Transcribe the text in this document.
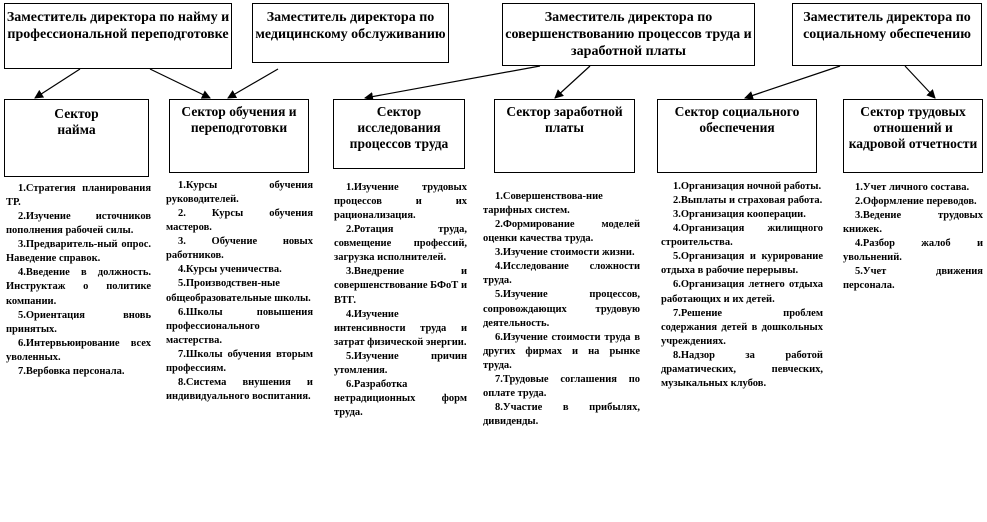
Заместитель директора по найму и профессиональной переподготовке
Заместитель директора по медицинскому обслуживанию
Заместитель директора по совершенствованию процессов труда и заработной платы
Заместитель директора по социальному обеспечению
Сектор найма
Сектор обучения и переподготовки
Сектор исследования процессов труда
Сектор заработной платы
Сектор социального обеспечения
Сектор трудовых отношений и кадровой отчетности
1.Стратегия планирования ТР.
2.Изучение источников пополнения рабочей силы.
3.Предваритель-ный опрос. Наведение справок.
4.Введение в должность. Инструктаж о политике компании.
5.Ориентация вновь принятых.
6.Интервьюирование всех уволенных.
7.Вербовка персонала.
1.Курсы обучения руководителей.
2. Курсы обучения мастеров.
3. Обучение новых работников.
4.Курсы ученичества.
5.Производствен-ные общеобразовательные школы.
6.Школы повышения профессионального мастерства.
7.Школы обучения вторым профессиям.
8.Система внушения и индивидуального воспитания.
1.Изучение трудовых процессов и их рационализация.
2.Ротация труда, совмещение профессий, загрузка исполнителей.
3.Внедрение и совершенствование БФоТ и ВТГ.
4.Изучение интенсивности труда и затрат физической энергии.
5.Изучение причин утомления.
6.Разработка нетрадиционных форм труда.
1.Совершенствова-ние тарифных систем.
2.Формирование моделей оценки качества труда.
3.Изучение стоимости жизни.
4.Исследование сложности труда.
5.Изучение процессов, сопровождающих трудовую деятельность.
6.Изучение стоимости труда в других фирмах и на рынке труда.
7.Трудовые соглашения по оплате труда.
8.Участие в прибылях, дивиденды.
1.Организация ночной работы.
2.Выплаты и страховая работа.
3.Организация кооперации.
4.Организация жилищного строительства.
5.Организация и курирование отдыха в рабочие перерывы.
6.Организация летнего отдыха работающих и их детей.
7.Решение проблем содержания детей в дошкольных учреждениях.
8.Надзор за работой драматических, певческих, музыкальных клубов.
1.Учет личного состава.
2.Оформление переводов.
3.Ведение трудовых книжек.
4.Разбор жалоб и увольнений.
5.Учет движения персонала.
